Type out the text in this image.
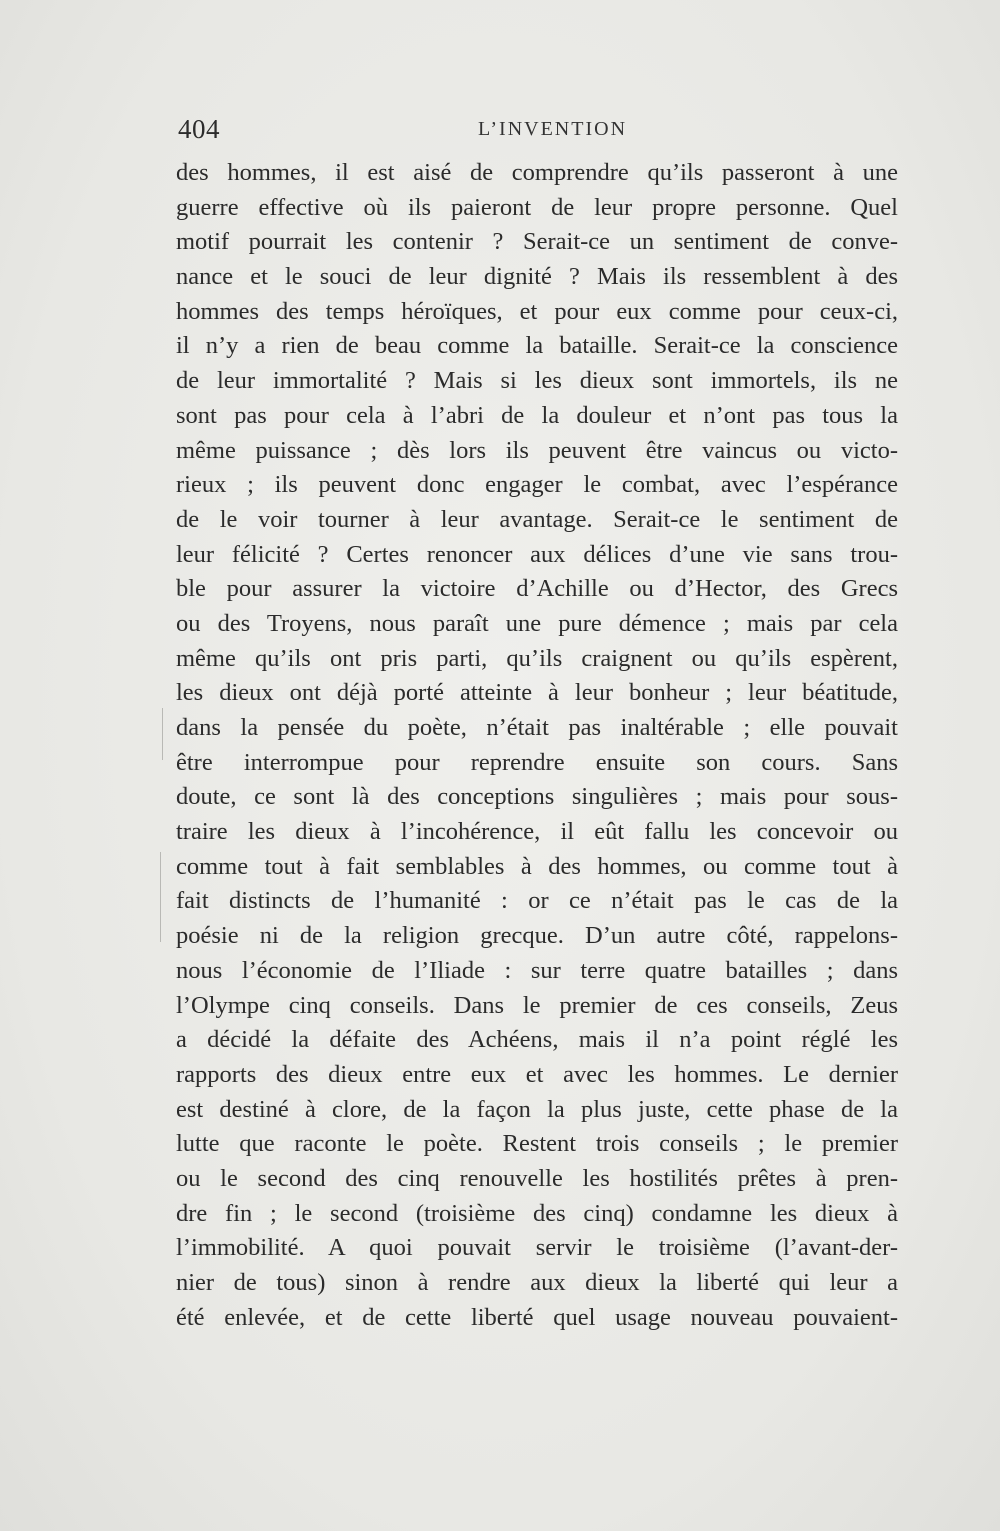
404	L’INVENTION
des hommes, il est aisé de comprendre qu’ils passeront à une
guerre effective où ils paieront de leur propre personne. Quel
motif pourrait les contenir ? Serait-ce un sentiment de conve-
nance et le souci de leur dignité ? Mais ils ressemblent à des
hommes des temps héroïques, et pour eux comme pour ceux-ci,
il n’y a rien de beau comme la bataille. Serait-ce la conscience
de leur immortalité ? Mais si les dieux sont immortels, ils ne
sont pas pour cela à l’abri de la douleur et n’ont pas tous la
même puissance ; dès lors ils peuvent être vaincus ou victo-
rieux ; ils peuvent donc engager le combat, avec l’espérance
de le voir tourner à leur avantage. Serait-ce le sentiment de
leur félicité ? Certes renoncer aux délices d’une vie sans trou-
ble pour assurer la victoire d’Achille ou d’Hector, des Grecs
ou des Troyens, nous paraît une pure démence ; mais par cela
même qu’ils ont pris parti, qu’ils craignent ou qu’ils espèrent,
les dieux ont déjà porté atteinte à leur bonheur ; leur béatitude,
dans la pensée du poète, n’était pas inaltérable ; elle pouvait
être interrompue pour reprendre ensuite son cours. Sans
doute, ce sont là des conceptions singulières ; mais pour sous-
traire les dieux à l’incohérence, il eût fallu les concevoir ou
comme tout à fait semblables à des hommes, ou comme tout à
fait distincts de l’humanité : or ce n’était pas le cas de la
poésie ni de la religion grecque. D’un autre côté, rappelons-
nous l’économie de l’Iliade : sur terre quatre batailles ; dans
l’Olympe cinq conseils. Dans le premier de ces conseils, Zeus
a décidé la défaite des Achéens, mais il n’a point réglé les
rapports des dieux entre eux et avec les hommes. Le dernier
est destiné à clore, de la façon la plus juste, cette phase de la
lutte que raconte le poète. Restent trois conseils ; le premier
ou le second des cinq renouvelle les hostilités prêtes à pren-
dre fin ; le second (troisième des cinq) condamne les dieux à
l’immobilité. A quoi pouvait servir le troisième (l’avant-der-
nier de tous) sinon à rendre aux dieux la liberté qui leur a
été enlevée, et de cette liberté quel usage nouveau pouvaient-
